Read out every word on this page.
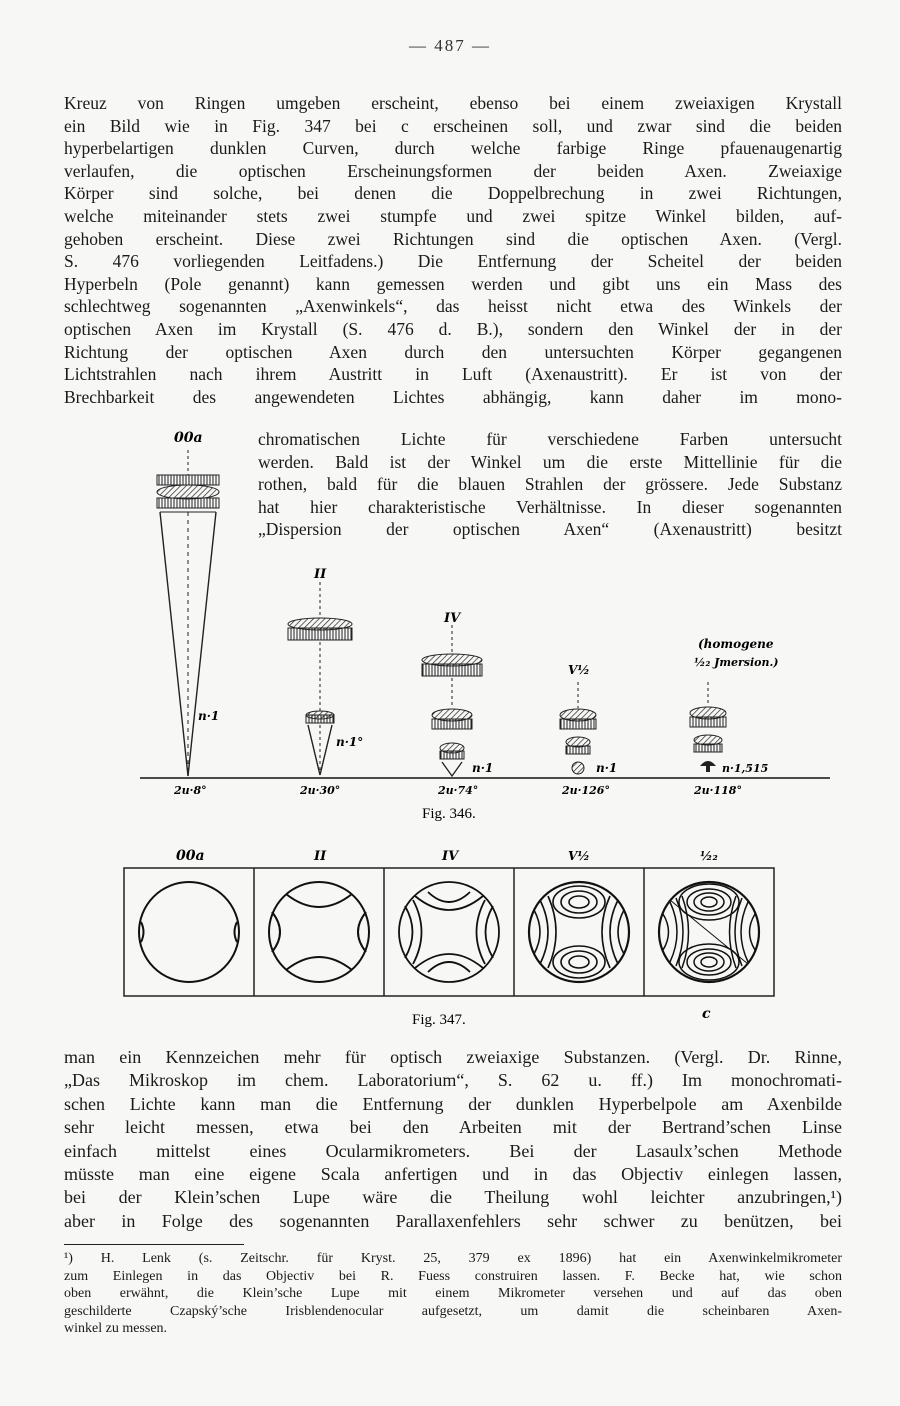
— 487 —
Kreuz von Ringen umgeben erscheint, ebenso bei einem zweiaxigen Krystall
ein Bild wie in Fig. 347 bei c erscheinen soll, und zwar sind die beiden
hyperbelartigen dunklen Curven, durch welche farbige Ringe pfauenaugenartig
verlaufen, die optischen Erscheinungsformen der beiden Axen. Zweiaxige
Körper sind solche, bei denen die Doppelbrechung in zwei Richtungen,
welche miteinander stets zwei stumpfe und zwei spitze Winkel bilden, auf-
gehoben erscheint. Diese zwei Richtungen sind die optischen Axen. (Vergl.
S. 476 vorliegenden Leitfadens.) Die Entfernung der Scheitel der beiden
Hyperbeln (Pole genannt) kann gemessen werden und gibt uns ein Mass des
schlechtweg sogenannten „Axenwinkels“, das heisst nicht etwa des Winkels der
optischen Axen im Krystall (S. 476 d. B.), sondern den Winkel der in der
Richtung der optischen Axen durch den untersuchten Körper gegangenen
Lichtstrahlen nach ihrem Austritt in Luft (Axenaustritt). Er ist von der
Brechbarkeit des angewendeten Lichtes abhängig, kann daher im mono-
chromatischen Lichte für verschiedene Farben untersucht
werden. Bald ist der Winkel um die erste Mittellinie für die
rothen, bald für die blauen Strahlen der grössere. Jede Substanz
hat hier charakteristische Verhältnisse. In dieser sogenannten
„Dispersion der optischen Axen“ (Axenaustritt) besitzt
00a
II
IV
V½
(homogene
½₂ Jmersion.)
n·1
n·1°
n·1	n·1	n·1,515
2u·8°	2u·30°	2u·74°	2u·126°	2u·118°
Fig. 346.
00a	II	IV	V½	½₂
Fig. 347.	c
man ein Kennzeichen mehr für optisch zweiaxige Substanzen. (Vergl. Dr. Rinne,
„Das Mikroskop im chem. Laboratorium“, S. 62 u. ff.) Im monochromati-
schen Lichte kann man die Entfernung der dunklen Hyperbelpole am Axenbilde
sehr leicht messen, etwa bei den Arbeiten mit der Bertrand’schen Linse
einfach mittelst eines Ocularmikrometers. Bei der Lasaulx’schen Methode
müsste man eine eigene Scala anfertigen und in das Objectiv einlegen lassen,
bei der Klein’schen Lupe wäre die Theilung wohl leichter anzubringen,¹)
aber in Folge des sogenannten Parallaxenfehlers sehr schwer zu benützen, bei
¹) H. Lenk (s. Zeitschr. für Kryst. 25, 379 ex 1896) hat ein Axenwinkelmikrometer
zum Einlegen in das Objectiv bei R. Fuess construiren lassen. F. Becke hat, wie schon
oben erwähnt, die Klein’sche Lupe mit einem Mikrometer versehen und auf das oben
geschilderte Czapský’sche Irisblendenocular aufgesetzt, um damit die scheinbaren Axen-
winkel zu messen.
